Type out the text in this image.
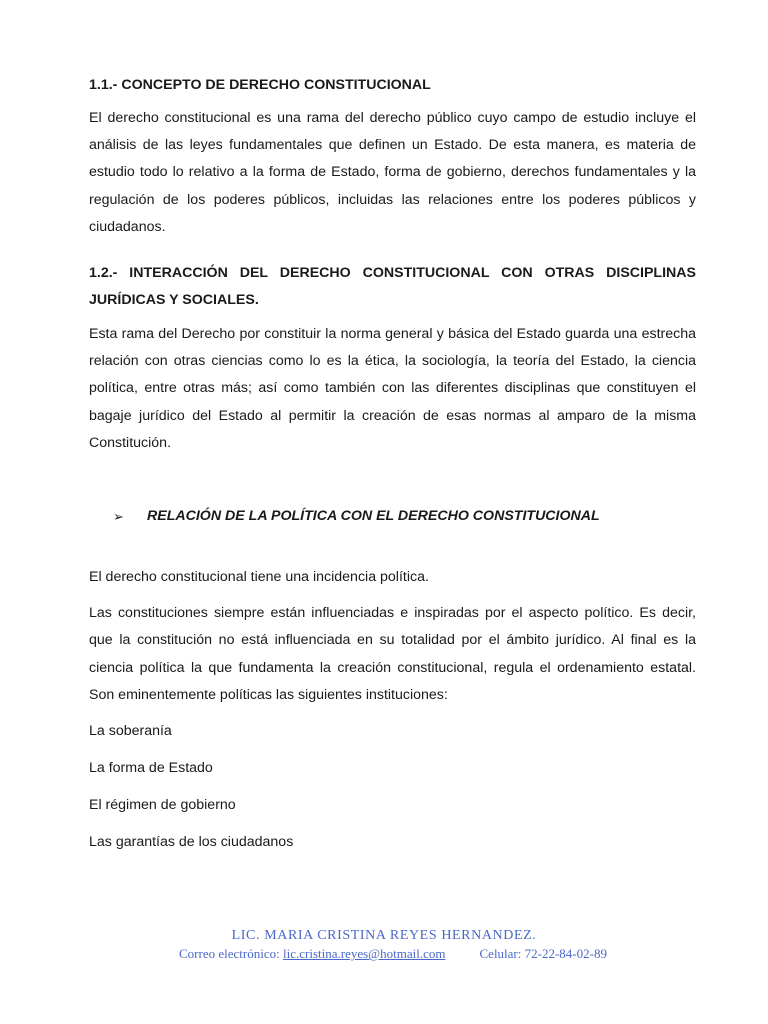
1.1.- CONCEPTO DE DERECHO CONSTITUCIONAL

El derecho constitucional es una rama del derecho público cuyo campo de estudio incluye el análisis de las leyes fundamentales que definen un Estado. De esta manera, es materia de estudio todo lo relativo a la forma de Estado, forma de gobierno, derechos fundamentales y la regulación de los poderes públicos, incluidas las relaciones entre los poderes públicos y ciudadanos.

1.2.- INTERACCIÓN DEL DERECHO CONSTITUCIONAL CON OTRAS DISCIPLINAS JURÍDICAS Y SOCIALES.

Esta rama del Derecho por constituir la norma general y básica del Estado guarda una estrecha relación con otras ciencias como lo es la ética, la sociología, la teoría del Estado, la ciencia política, entre otras más; así como también con las diferentes disciplinas que constituyen el bagaje jurídico del Estado al permitir la creación de esas normas al amparo de la misma Constitución.

➢	RELACIÓN DE LA POLÍTICA CON EL DERECHO CONSTITUCIONAL

El derecho constitucional tiene una incidencia política.

Las constituciones siempre están influenciadas e inspiradas por el aspecto político. Es decir, que la constitución no está influenciada en su totalidad por el ámbito jurídico. Al final es la ciencia política la que fundamenta la creación constitucional, regula el ordenamiento estatal. Son eminentemente políticas las siguientes instituciones:

La soberanía

La forma de Estado

El régimen de gobierno

Las garantías de los ciudadanos

LIC. MARIA CRISTINA REYES HERNANDEZ.
Correo electrónico: lic.cristina.reyes@hotmail.com	Celular: 72-22-84-02-89
